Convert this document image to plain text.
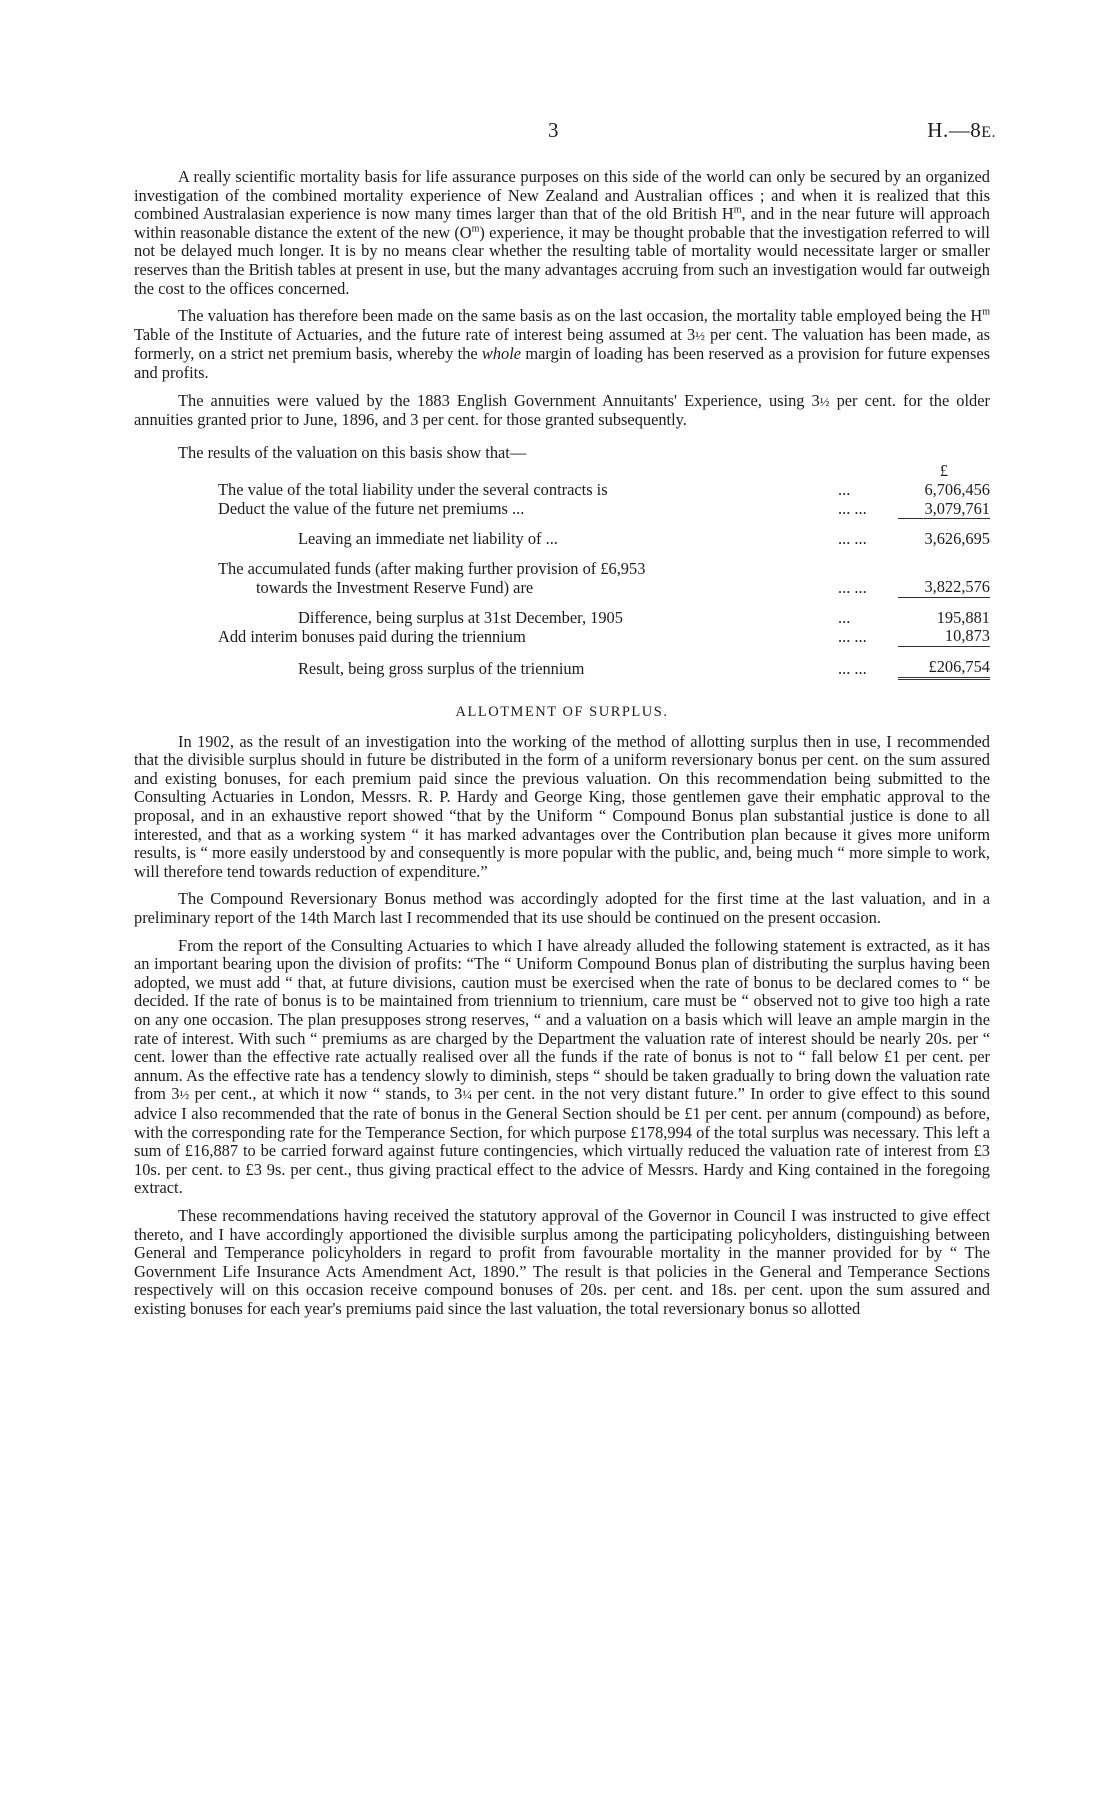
3	H.—8E.

A really scientific mortality basis for life assurance purposes on this side of the world can only be secured by an organized investigation of the combined mortality experience of New Zealand and Australian offices ; and when it is realized that this combined Australasian experience is now many times larger than that of the old British $H^m$, and in the near future will approach within reasonable distance the extent of the new $(O^m)$ experience, it may be thought probable that the investigation referred to will not be delayed much longer. It is by no means clear whether the resulting table of mortality would necessitate larger or smaller reserves than the British tables at present in use, but the many advantages accruing from such an investigation would far outweigh the cost to the offices concerned.

The valuation has therefore been made on the same basis as on the last occasion, the mortality table employed being the $H^m$ Table of the Institute of Actuaries, and the future rate of interest being assumed at 3½ per cent. The valuation has been made, as formerly, on a strict net premium basis, whereby the whole margin of loading has been reserved as a provision for future expenses and profits.

The annuities were valued by the 1883 English Government Annuitants' Experience, using 3½ per cent. for the older annuities granted prior to June, 1896, and 3 per cent. for those granted subsequently.

The results of the valuation on this basis show that—

		£
The value of the total liability under the several contracts is	...	6,706,456
Deduct the value of the future net premiums ...	... ...	3,079,761
Leaving an immediate net liability of ...	... ...	3,626,695
The accumulated funds (after making further provision of £6,953		
towards the Investment Reserve Fund) are	... ...	3,822,576
Difference, being surplus at 31st December, 1905	...	195,881
Add interim bonuses paid during the triennium	... ...	10,873
Result, being gross surplus of the triennium	... ...	£206,754
ALLOTMENT OF SURPLUS.

In 1902, as the result of an investigation into the working of the method of allotting surplus then in use, I recommended that the divisible surplus should in future be distributed in the form of a uniform reversionary bonus per cent. on the sum assured and existing bonuses, for each premium paid since the previous valuation. On this recommendation being submitted to the Consulting Actuaries in London, Messrs. R. P. Hardy and George King, those gentlemen gave their emphatic approval to the proposal, and in an exhaustive report showed “that by the Uniform “ Compound Bonus plan substantial justice is done to all interested, and that as a working system “ it has marked advantages over the Contribution plan because it gives more uniform results, is “ more easily understood by and consequently is more popular with the public, and, being much “ more simple to work, will therefore tend towards reduction of expenditure.”

The Compound Reversionary Bonus method was accordingly adopted for the first time at the last valuation, and in a preliminary report of the 14th March last I recommended that its use should be continued on the present occasion.

From the report of the Consulting Actuaries to which I have already alluded the following statement is extracted, as it has an important bearing upon the division of profits: “The “ Uniform Compound Bonus plan of distributing the surplus having been adopted, we must add “ that, at future divisions, caution must be exercised when the rate of bonus to be declared comes to “ be decided. If the rate of bonus is to be maintained from triennium to triennium, care must be “ observed not to give too high a rate on any one occasion. The plan presupposes strong reserves, “ and a valuation on a basis which will leave an ample margin in the rate of interest. With such “ premiums as are charged by the Department the valuation rate of interest should be nearly 20s. per “ cent. lower than the effective rate actually realised over all the funds if the rate of bonus is not to “ fall below £1 per cent. per annum. As the effective rate has a tendency slowly to diminish, steps “ should be taken gradually to bring down the valuation rate from 3½ per cent., at which it now “ stands, to 3¼ per cent. in the not very distant future.” In order to give effect to this sound advice I also recommended that the rate of bonus in the General Section should be £1 per cent. per annum (compound) as before, with the corresponding rate for the Temperance Section, for which purpose £178,994 of the total surplus was necessary. This left a sum of £16,887 to be carried forward against future contingencies, which virtually reduced the valuation rate of interest from £3 10s. per cent. to £3 9s. per cent., thus giving practical effect to the advice of Messrs. Hardy and King contained in the foregoing extract.

These recommendations having received the statutory approval of the Governor in Council I was instructed to give effect thereto, and I have accordingly apportioned the divisible surplus among the participating policyholders, distinguishing between General and Temperance policyholders in regard to profit from favourable mortality in the manner provided for by “ The Government Life Insurance Acts Amendment Act, 1890.” The result is that policies in the General and Temperance Sections respectively will on this occasion receive compound bonuses of 20s. per cent. and 18s. per cent. upon the sum assured and existing bonuses for each year's premiums paid since the last valuation, the total reversionary bonus so allotted
